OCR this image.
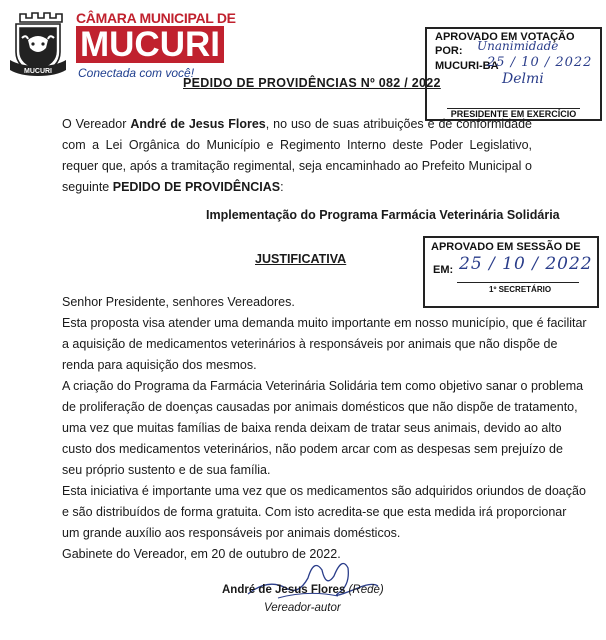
MUCURI
CÂMARA MUNICIPAL DE
MUCURI
Conectada com você!
PEDIDO DE PROVIDÊNCIAS Nº 082 / 2022
APROVADO EM VOTAÇÃO
POR:
MUCURI-BA
Unanimidade
25 / 10 / 2022
Delmi
PRESIDENTE EM EXERCÍCIO
O Vereador André de Jesus Flores, no uso de suas atribuições e de conformidade com a Lei Orgânica do Município e Regimento Interno deste Poder Legislativo, requer que, após a tramitação regimental, seja encaminhado ao Prefeito Municipal o seguinte PEDIDO DE PROVIDÊNCIAS:
Implementação do Programa Farmácia Veterinária Solidária
JUSTIFICATIVA
APROVADO EM SESSÃO DE
EM: 25 / 10 / 2022
1º SECRETÁRIO
Senhor Presidente, senhores Vereadores.
Esta proposta visa atender uma demanda muito importante em nosso município, que é facilitar
a aquisição de medicamentos veterinários à responsáveis por animais que não dispõe de
renda para aquisição dos mesmos.
A criação do Programa da Farmácia Veterinária Solidária tem como objetivo sanar o problema
de proliferação de doenças causadas por animais domésticos que não dispõe de tratamento,
uma vez que muitas famílias de baixa renda deixam de tratar seus animais, devido ao alto
custo dos medicamentos veterinários, não podem arcar com as despesas sem prejuízo de
seu próprio sustento e de sua família.
Esta iniciativa é importante uma vez que os medicamentos são adquiridos oriundos de doação
e são distribuídos de forma gratuita. Com isto acredita-se que esta medida irá proporcionar
um grande auxílio aos responsáveis por animais domésticos.
Gabinete do Vereador, em 20 de outubro de 2022.
André de Jesus Flores (Rede)
Vereador-autor
